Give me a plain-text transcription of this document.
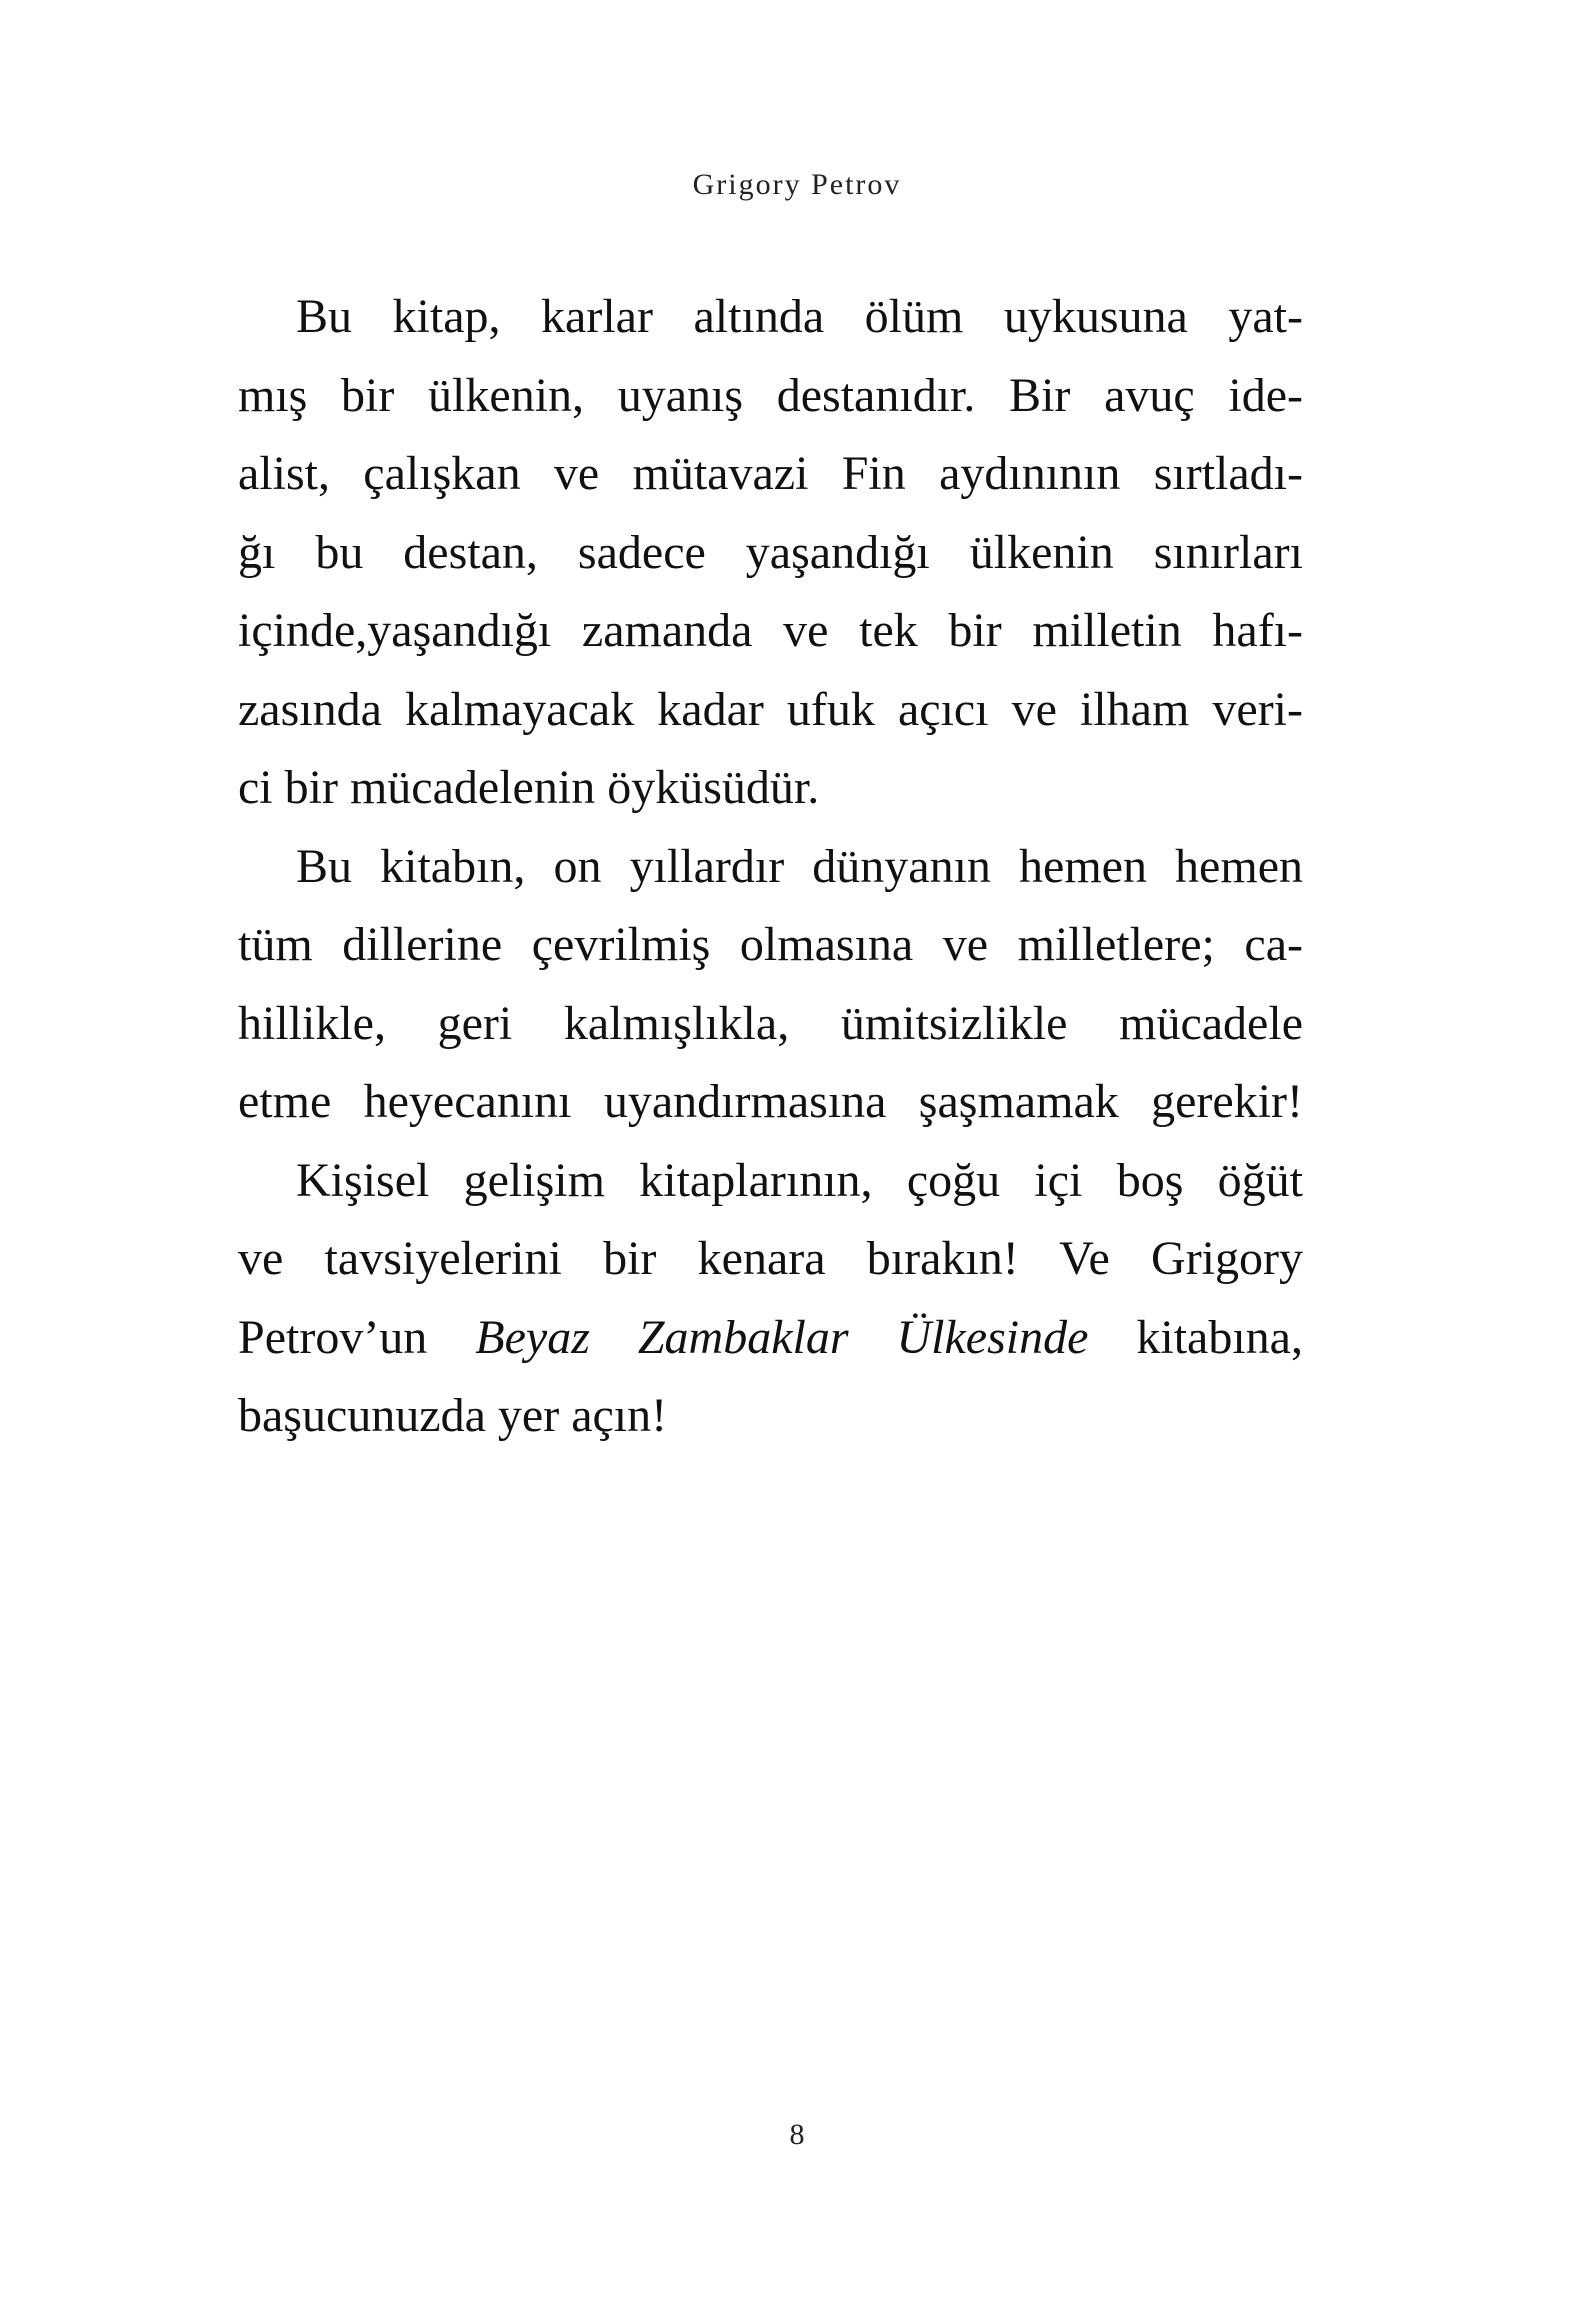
Grigory Petrov
Bu kitap, karlar altında ölüm uykusuna yat-
mış bir ülkenin, uyanış destanıdır. Bir avuç ide-
alist, çalışkan ve mütavazi Fin aydınının sırtladı-
ğı bu destan, sadece yaşandığı ülkenin sınırları
içinde,yaşandığı zamanda ve tek bir milletin hafı-
zasında kalmayacak kadar ufuk açıcı ve ilham veri-
ci bir mücadelenin öyküsüdür.
Bu kitabın, on yıllardır dünyanın hemen hemen
tüm dillerine çevrilmiş olmasına ve milletlere; ca-
hillikle, geri kalmışlıkla, ümitsizlikle mücadele
etme heyecanını uyandırmasına şaşmamak gerekir!
Kişisel gelişim kitaplarının, çoğu içi boş öğüt
ve tavsiyelerini bir kenara bırakın! Ve Grigory
Petrov’un Beyaz Zambaklar Ülkesinde kitabına,
başucunuzda yer açın!
8
